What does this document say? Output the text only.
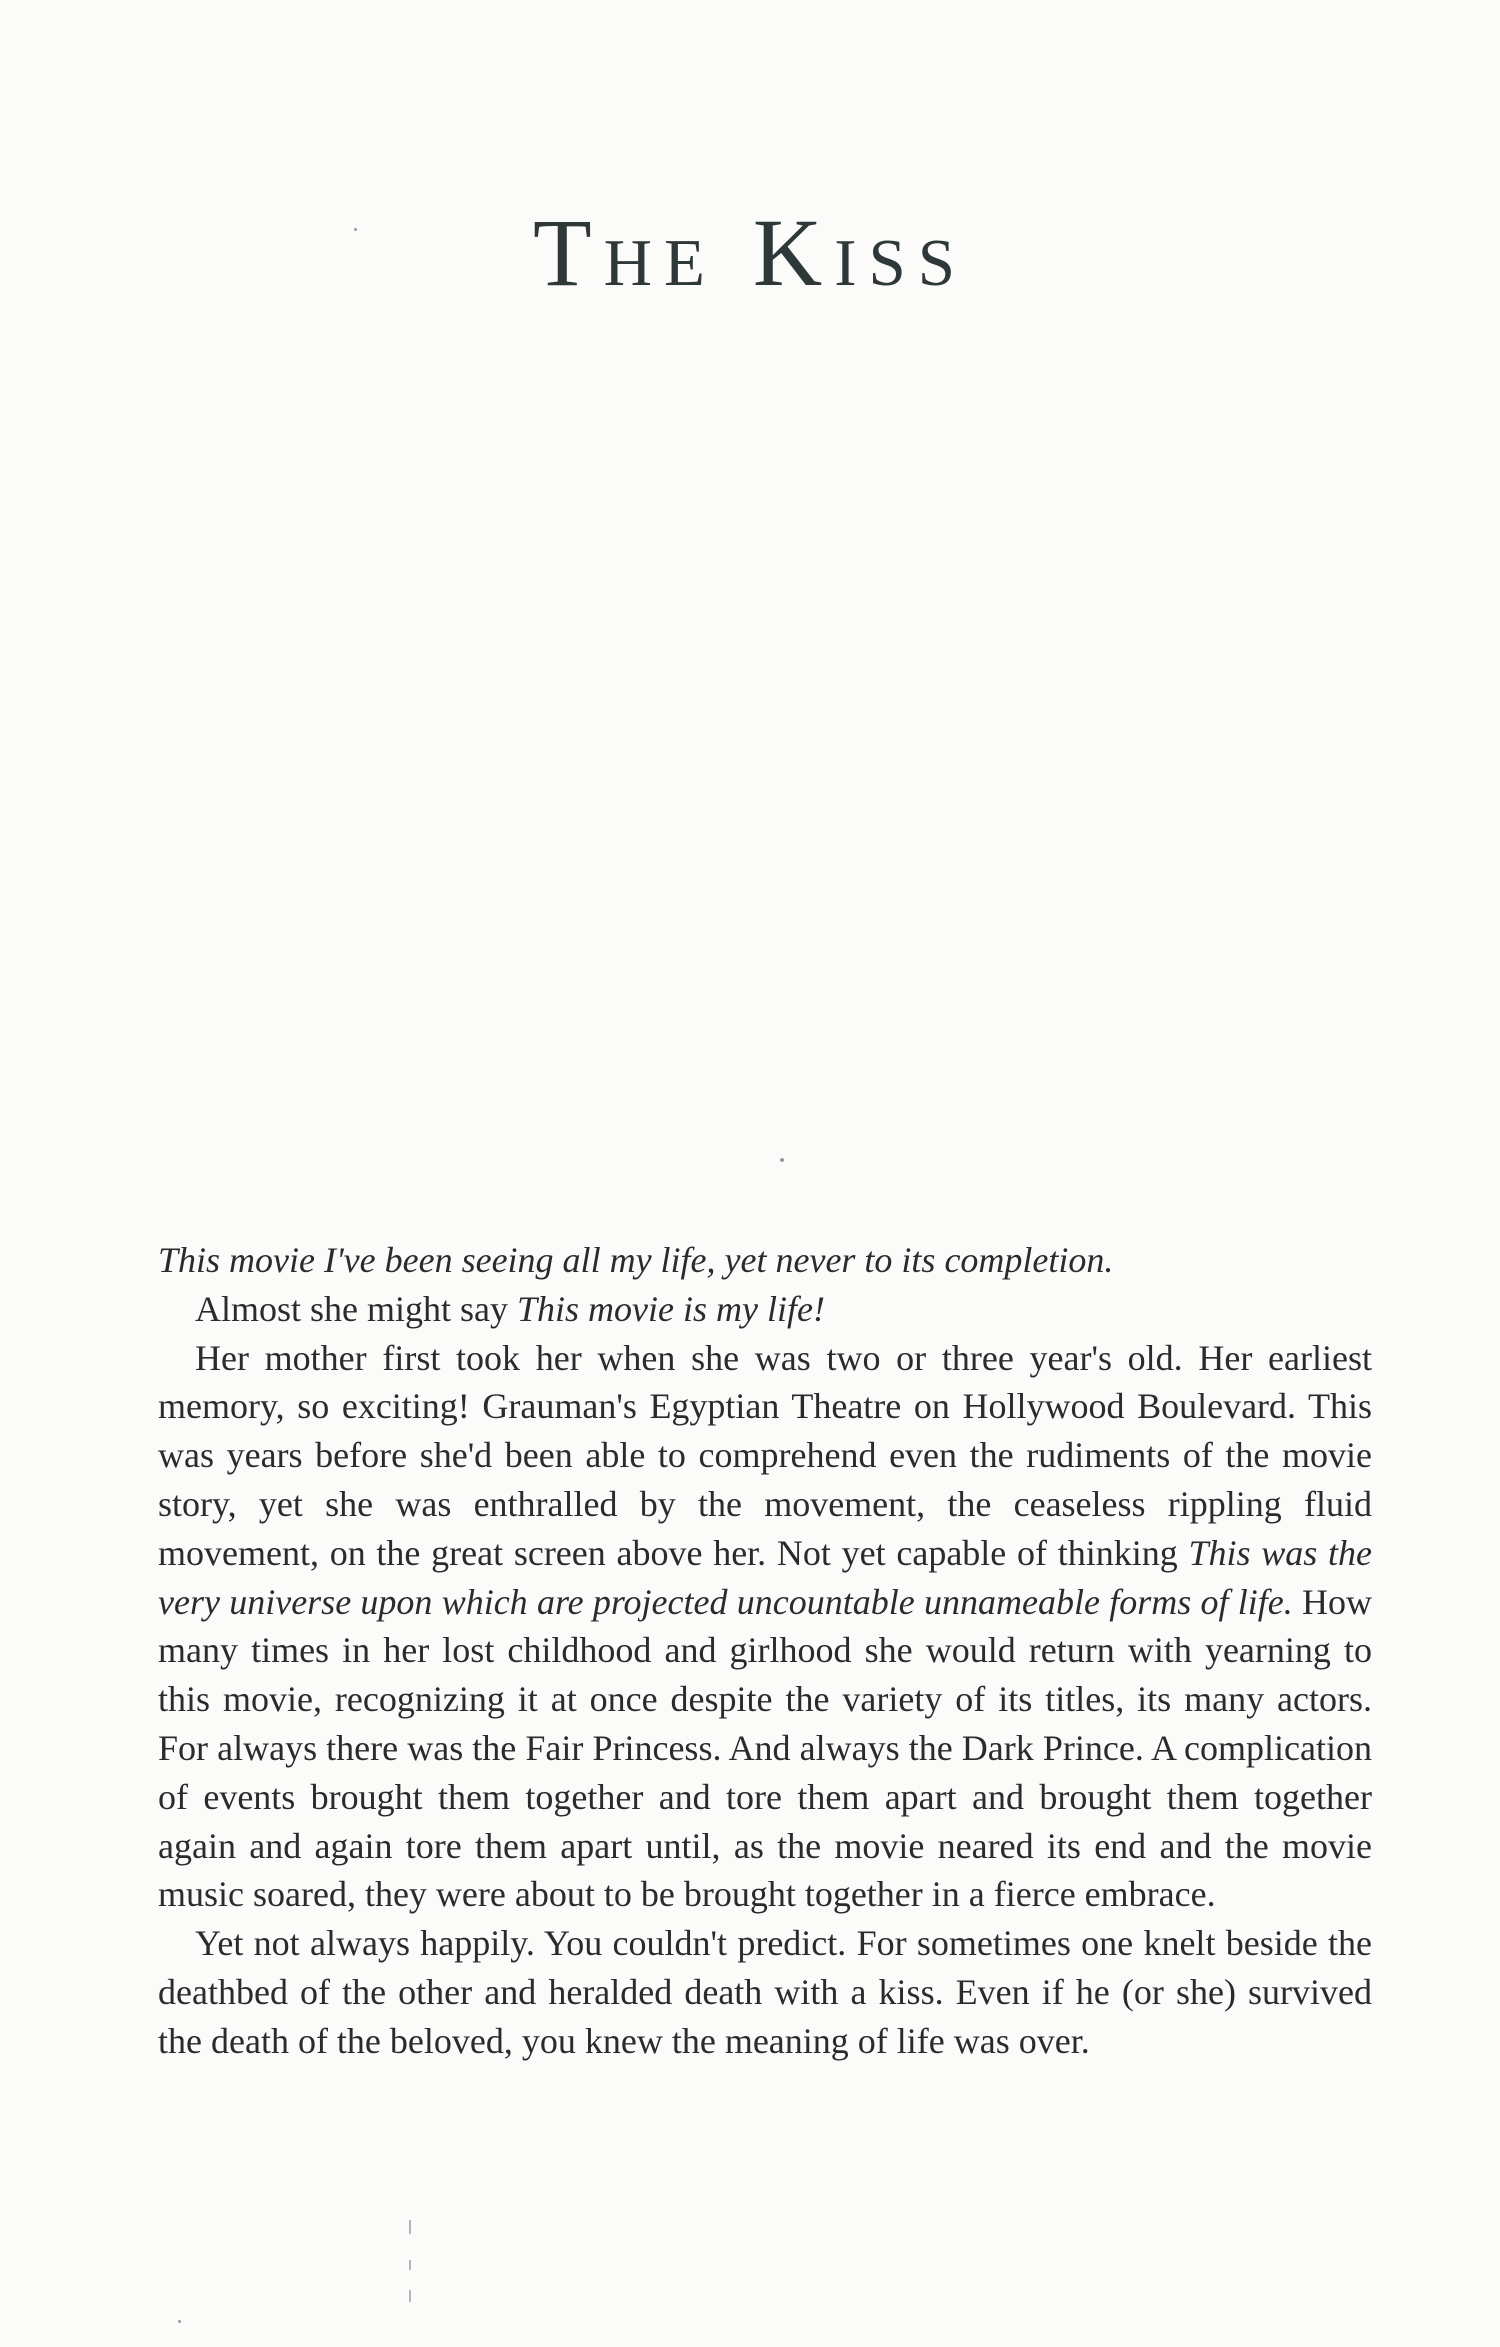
The Kiss

This movie I've been seeing all my life, yet never to its completion.

Almost she might say This movie is my life!

Her mother first took her when she was two or three year's old. Her earliest memory, so exciting! Grauman's Egyptian Theatre on Hollywood Boulevard. This was years before she'd been able to comprehend even the rudiments of the movie story, yet she was enthralled by the movement, the ceaseless rippling fluid movement, on the great screen above her. Not yet capable of thinking This was the very universe upon which are projected uncountable unnameable forms of life. How many times in her lost childhood and girlhood she would return with yearning to this movie, recognizing it at once despite the variety of its titles, its many actors. For always there was the Fair Princess. And always the Dark Prince. A complication of events brought them together and tore them apart and brought them together again and again tore them apart until, as the movie neared its end and the movie music soared, they were about to be brought together in a fierce embrace.

Yet not always happily. You couldn't predict. For sometimes one knelt beside the deathbed of the other and heralded death with a kiss. Even if he (or she) survived the death of the beloved, you knew the meaning of life was over.
